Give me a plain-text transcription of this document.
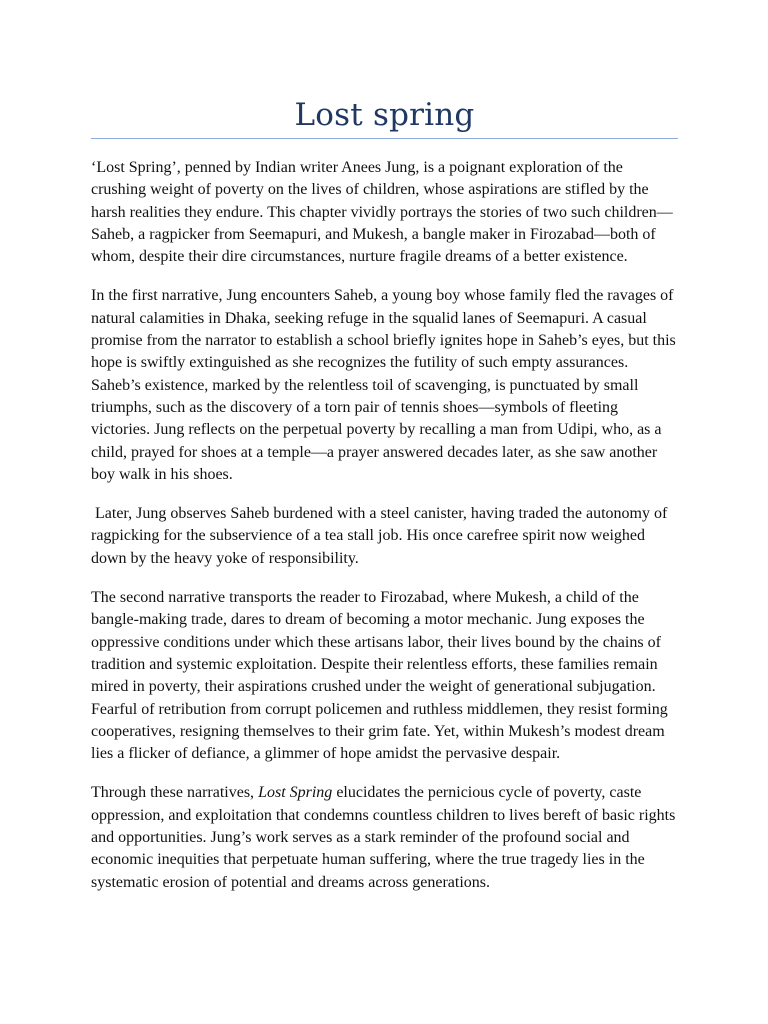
Lost spring

‘Lost Spring’, penned by Indian writer Anees Jung, is a poignant exploration of the crushing weight of poverty on the lives of children, whose aspirations are stifled by the harsh realities they endure. This chapter vividly portrays the stories of two such children—Saheb, a ragpicker from Seemapuri, and Mukesh, a bangle maker in Firozabad—both of whom, despite their dire circumstances, nurture fragile dreams of a better existence.

In the first narrative, Jung encounters Saheb, a young boy whose family fled the ravages of natural calamities in Dhaka, seeking refuge in the squalid lanes of Seemapuri. A casual promise from the narrator to establish a school briefly ignites hope in Saheb’s eyes, but this hope is swiftly extinguished as she recognizes the futility of such empty assurances. Saheb’s existence, marked by the relentless toil of scavenging, is punctuated by small triumphs, such as the discovery of a torn pair of tennis shoes—symbols of fleeting victories. Jung reflects on the perpetual poverty by recalling a man from Udipi, who, as a child, prayed for shoes at a temple—a prayer answered decades later, as she saw another boy walk in his shoes.

Later, Jung observes Saheb burdened with a steel canister, having traded the autonomy of ragpicking for the subservience of a tea stall job. His once carefree spirit now weighed down by the heavy yoke of responsibility.

The second narrative transports the reader to Firozabad, where Mukesh, a child of the bangle-making trade, dares to dream of becoming a motor mechanic. Jung exposes the oppressive conditions under which these artisans labor, their lives bound by the chains of tradition and systemic exploitation. Despite their relentless efforts, these families remain mired in poverty, their aspirations crushed under the weight of generational subjugation. Fearful of retribution from corrupt policemen and ruthless middlemen, they resist forming cooperatives, resigning themselves to their grim fate. Yet, within Mukesh’s modest dream lies a flicker of defiance, a glimmer of hope amidst the pervasive despair.

Through these narratives, Lost Spring elucidates the pernicious cycle of poverty, caste oppression, and exploitation that condemns countless children to lives bereft of basic rights and opportunities. Jung’s work serves as a stark reminder of the profound social and economic inequities that perpetuate human suffering, where the true tragedy lies in the systematic erosion of potential and dreams across generations.
